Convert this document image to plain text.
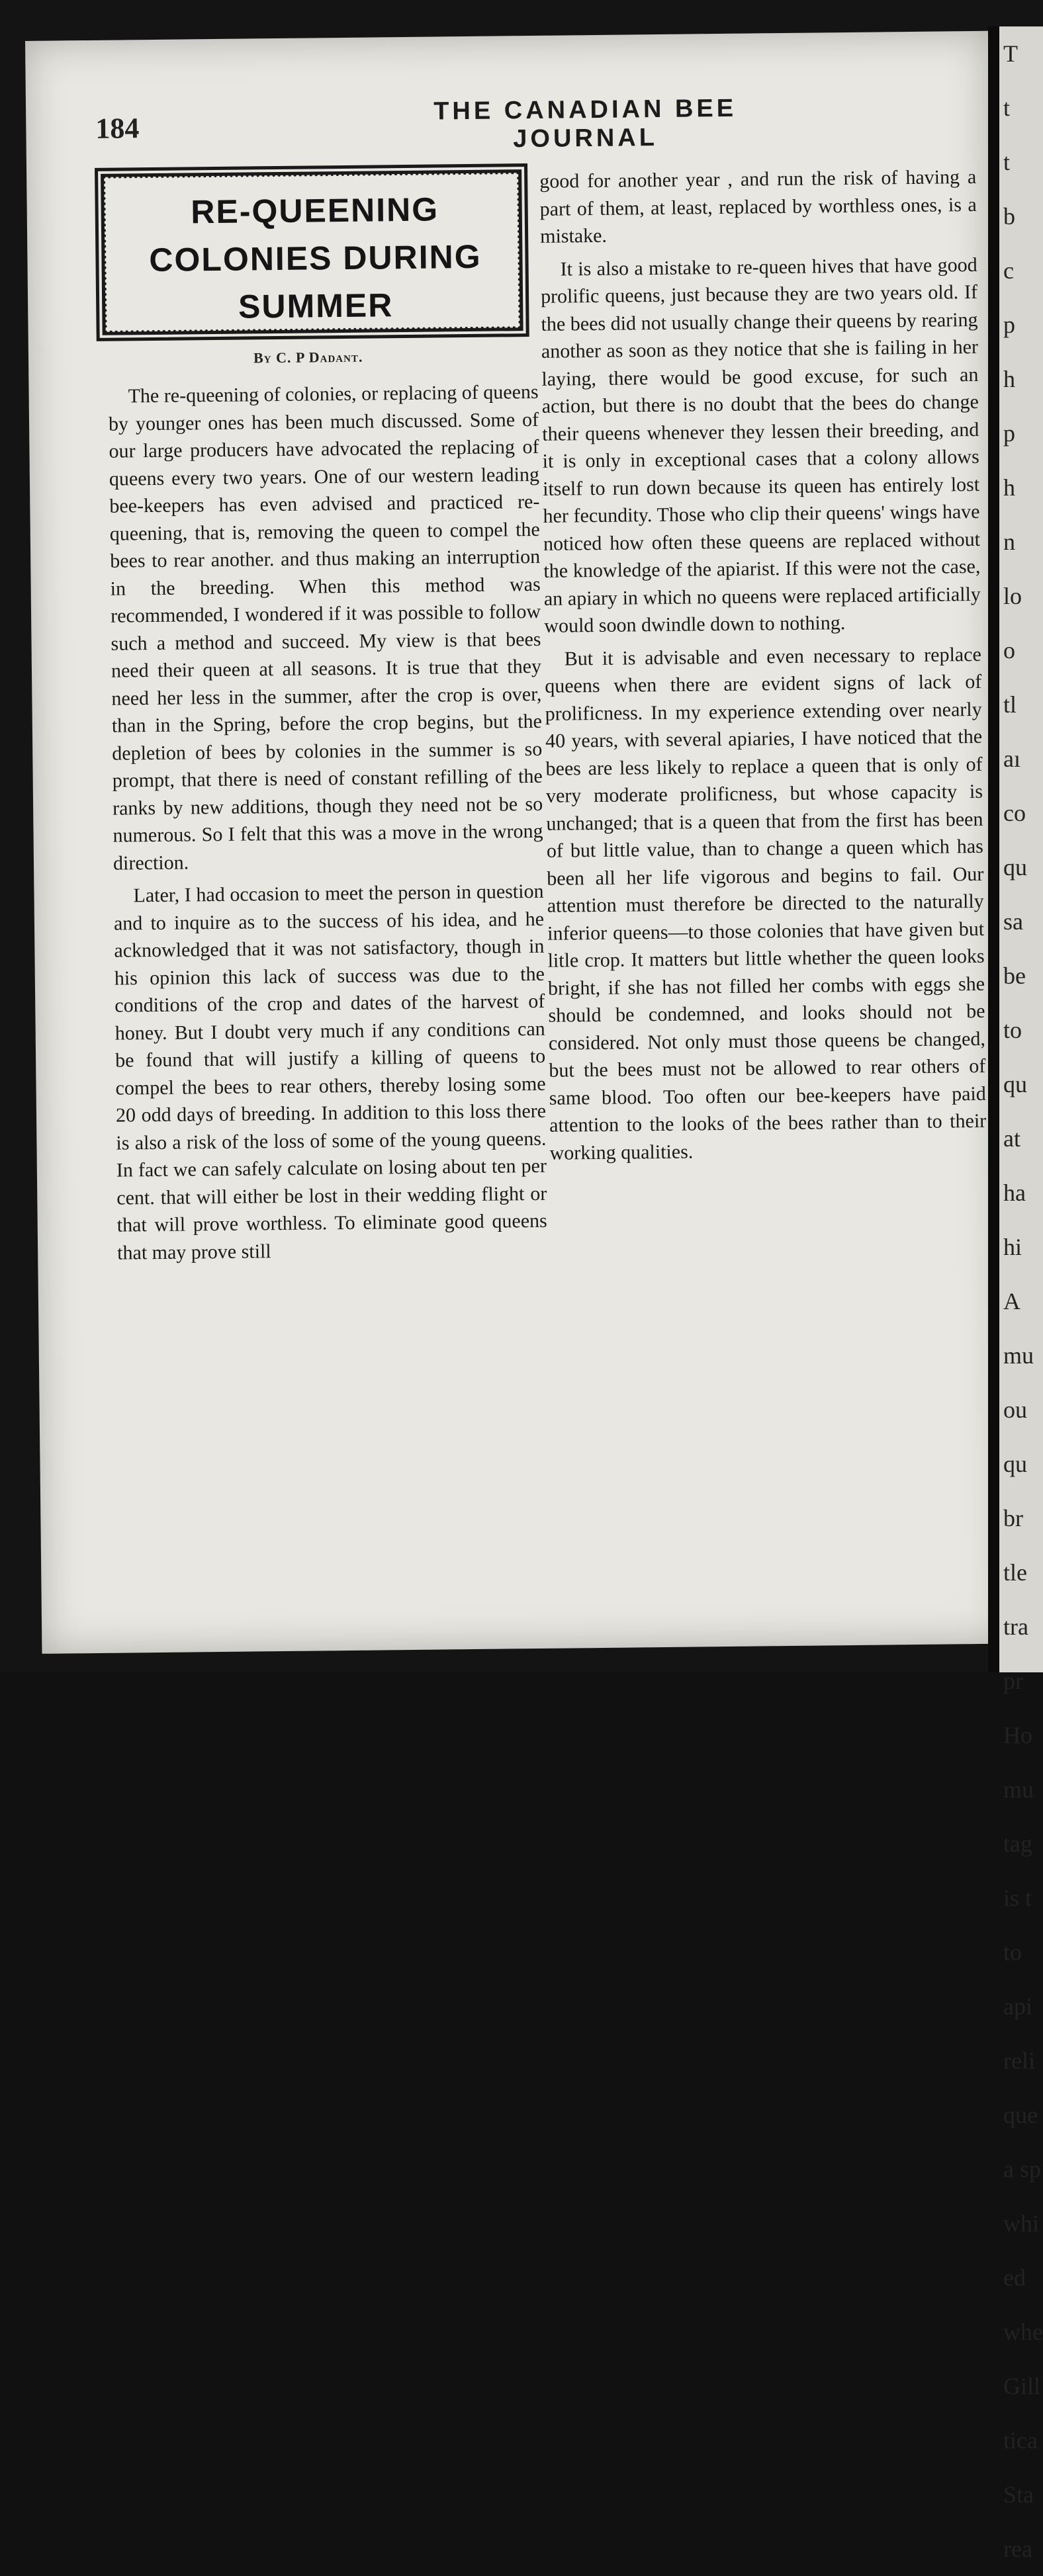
184
THE CANADIAN BEE JOURNAL
RE-QUEENING COLONIES DURING SUMMER
By C. P Dadant.

The re-queening of colonies, or replacing of queens by younger ones has been much discussed. Some of our large producers have advocated the replacing of queens every two years. One of our western leading bee-keepers has even advised and practiced re-queening, that is, removing the queen to compel the bees to rear another. and thus making an interruption in the breeding. When this method was recommended, I wondered if it was possible to follow such a method and succeed. My view is that bees need their queen at all seasons. It is true that they need her less in the summer, after the crop is over, than in the Spring, before the crop begins, but the depletion of bees by colonies in the summer is so prompt, that there is need of constant refilling of the ranks by new additions, though they need not be so numerous. So I felt that this was a move in the wrong direction.

Later, I had occasion to meet the person in question and to inquire as to the success of his idea, and he acknowledged that it was not satisfactory, though in his opinion this lack of success was due to the conditions of the crop and dates of the harvest of honey. But I doubt very much if any conditions can be found that will justify a killing of queens to compel the bees to rear others, thereby losing some 20 odd days of breeding. In addition to this loss there is also a risk of the loss of some of the young queens. In fact we can safely calculate on losing about ten per cent. that will either be lost in their wedding flight or that will prove worthless. To eliminate good queens that may prove still

good for another year , and run the risk of having a part of them, at least, replaced by worthless ones, is a mistake.

It is also a mistake to re-queen hives that have good prolific queens, just because they are two years old. If the bees did not usually change their queens by rearing another as soon as they notice that she is failing in her laying, there would be good excuse, for such an action, but there is no doubt that the bees do change their queens whenever they lessen their breeding, and it is only in exceptional cases that a colony allows itself to run down because its queen has entirely lost her fecundity. Those who clip their queens' wings have noticed how often these queens are replaced without the knowledge of the apiarist. If this were not the case, an apiary in which no queens were replaced artificially would soon dwindle down to nothing.

But it is advisable and even necessary to replace queens when there are evident signs of lack of prolificness. In my experience extending over nearly 40 years, with several apiaries, I have noticed that the bees are less likely to replace a queen that is only of very moderate prolificness, but whose capacity is unchanged; that is a queen that from the first has been of but little value, than to change a queen which has been all her life vigorous and begins to fail. Our attention must therefore be directed to the naturally inferior queens—to those colonies that have given but litle crop. It matters but little whether the queen looks bright, if she has not filled her combs with eggs she should be condemned, and looks should not be considered. Not only must those queens be changed, but the bees must not be allowed to rear others of same blood. Too often our bee-keepers have paid attention to the looks of the bees rather than to their working qualities.

T
t
t
b
c
p
h
p
h
n
lo
o
tl
aı
co
qu
sa
be
to
qu
at
ha
hi
A
mu
ou
qu
br
tle
tra
pr
Ho
mu
tag
is t
to
api
reli
que
a sp
whi
ed
whe
Gill
tica
Sta
rea
